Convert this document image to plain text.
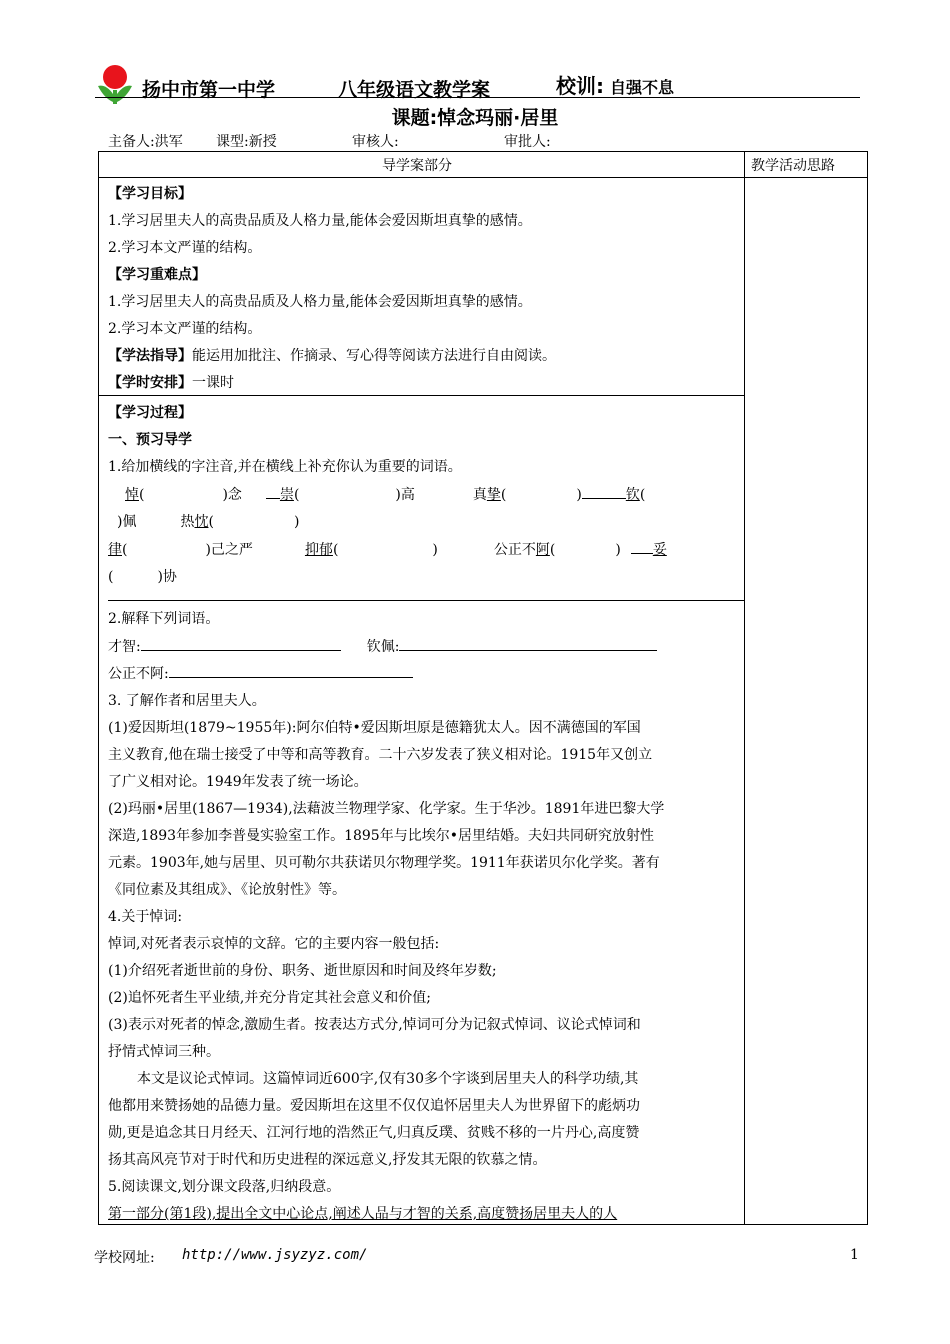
扬中市第一中学	八年级语文教学案	校训: 自强不息
课题:悼念玛丽·居里
主备人:洪军 课型:新授	审核人:	审批人:
导学案部分	教学活动思路
【学习目标】
1.学习居里夫人的高贵品质及人格力量,能体会爱因斯坦真挚的感情。
2.学习本文严谨的结构。
【学习重难点】
1.学习居里夫人的高贵品质及人格力量,能体会爱因斯坦真挚的感情。
2.学习本文严谨的结构。
【学法指导】能运用加批注、作摘录、写心得等阅读方法进行自由阅读。
【学时安排】一课时
【学习过程】
一、预习导学
1.给加横线的字注音,并在横线上补充你认为重要的词语。
悼(	)念	崇(	)高	真挚(	)	钦(
)佩	热忱(	)
律(	)己之严	抑郁(	)	公正不阿(	) 妥
(	)协
2.解释下列词语。
才智:	钦佩:
公正不阿:
3. 了解作者和居里夫人。
(1)爱因斯坦(1879~1955年):阿尔伯特•爱因斯坦原是德籍犹太人。因不满德国的军国
主义教育,他在瑞士接受了中等和高等教育。二十六岁发表了狭义相对论。1915年又创立
了广义相对论。1949年发表了统一场论。
(2)玛丽•居里(1867—1934),法藉波兰物理学家、化学家。生于华沙。1891年进巴黎大学
深造,1893年参加李普曼实验室工作。1895年与比埃尔•居里结婚。夫妇共同研究放射性
元素。1903年,她与居里、贝可勒尔共获诺贝尔物理学奖。1911年获诺贝尔化学奖。著有
《同位素及其组成》、《论放射性》等。
4.关于悼词:
悼词,对死者表示哀悼的文辞。它的主要内容一般包括:
(1)介绍死者逝世前的身份、职务、逝世原因和时间及终年岁数;
(2)追怀死者生平业绩,并充分肯定其社会意义和价值;
(3)表示对死者的悼念,激励生者。按表达方式分,悼词可分为记叙式悼词、议论式悼词和
抒情式悼词三种。
本文是议论式悼词。这篇悼词近600字,仅有30多个字谈到居里夫人的科学功绩,其
他都用来赞扬她的品德力量。爱因斯坦在这里不仅仅追怀居里夫人为世界留下的彪炳功
勋,更是追念其日月经天、江河行地的浩然正气,归真反璞、贫贱不移的一片丹心,高度赞
扬其高风亮节对于时代和历史进程的深远意义,抒发其无限的钦慕之情。
5.阅读课文,划分课文段落,归纳段意。
第一部分(第1段),提出全文中心论点,阐述人品与才智的关系,高度赞扬居里夫人的人
学校网址: http://www.jsyzyz.com/	1
